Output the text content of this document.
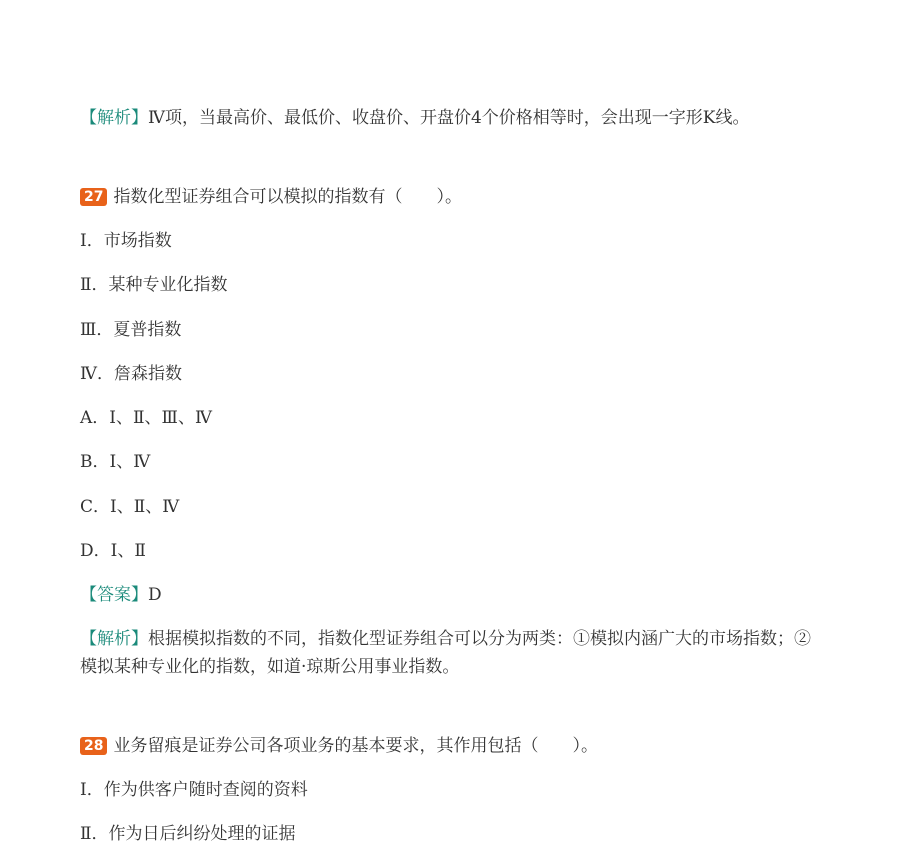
【解析】Ⅳ项，当最高价、最低价、收盘价、开盘价4个价格相等时，会出现一字形K线。
27 指数化型证券组合可以模拟的指数有（　　）。
Ⅰ．市场指数
Ⅱ．某种专业化指数
Ⅲ．夏普指数
Ⅳ．詹森指数
A．Ⅰ、Ⅱ、Ⅲ、Ⅳ
B．Ⅰ、Ⅳ
C．Ⅰ、Ⅱ、Ⅳ
D．Ⅰ、Ⅱ
【答案】D
【解析】根据模拟指数的不同，指数化型证券组合可以分为两类：①模拟内涵广大的市场指数；②模拟某种专业化的指数，如道·琼斯公用事业指数。
28 业务留痕是证券公司各项业务的基本要求，其作用包括（　　）。
Ⅰ．作为供客户随时查阅的资料
Ⅱ．作为日后纠纷处理的证据
